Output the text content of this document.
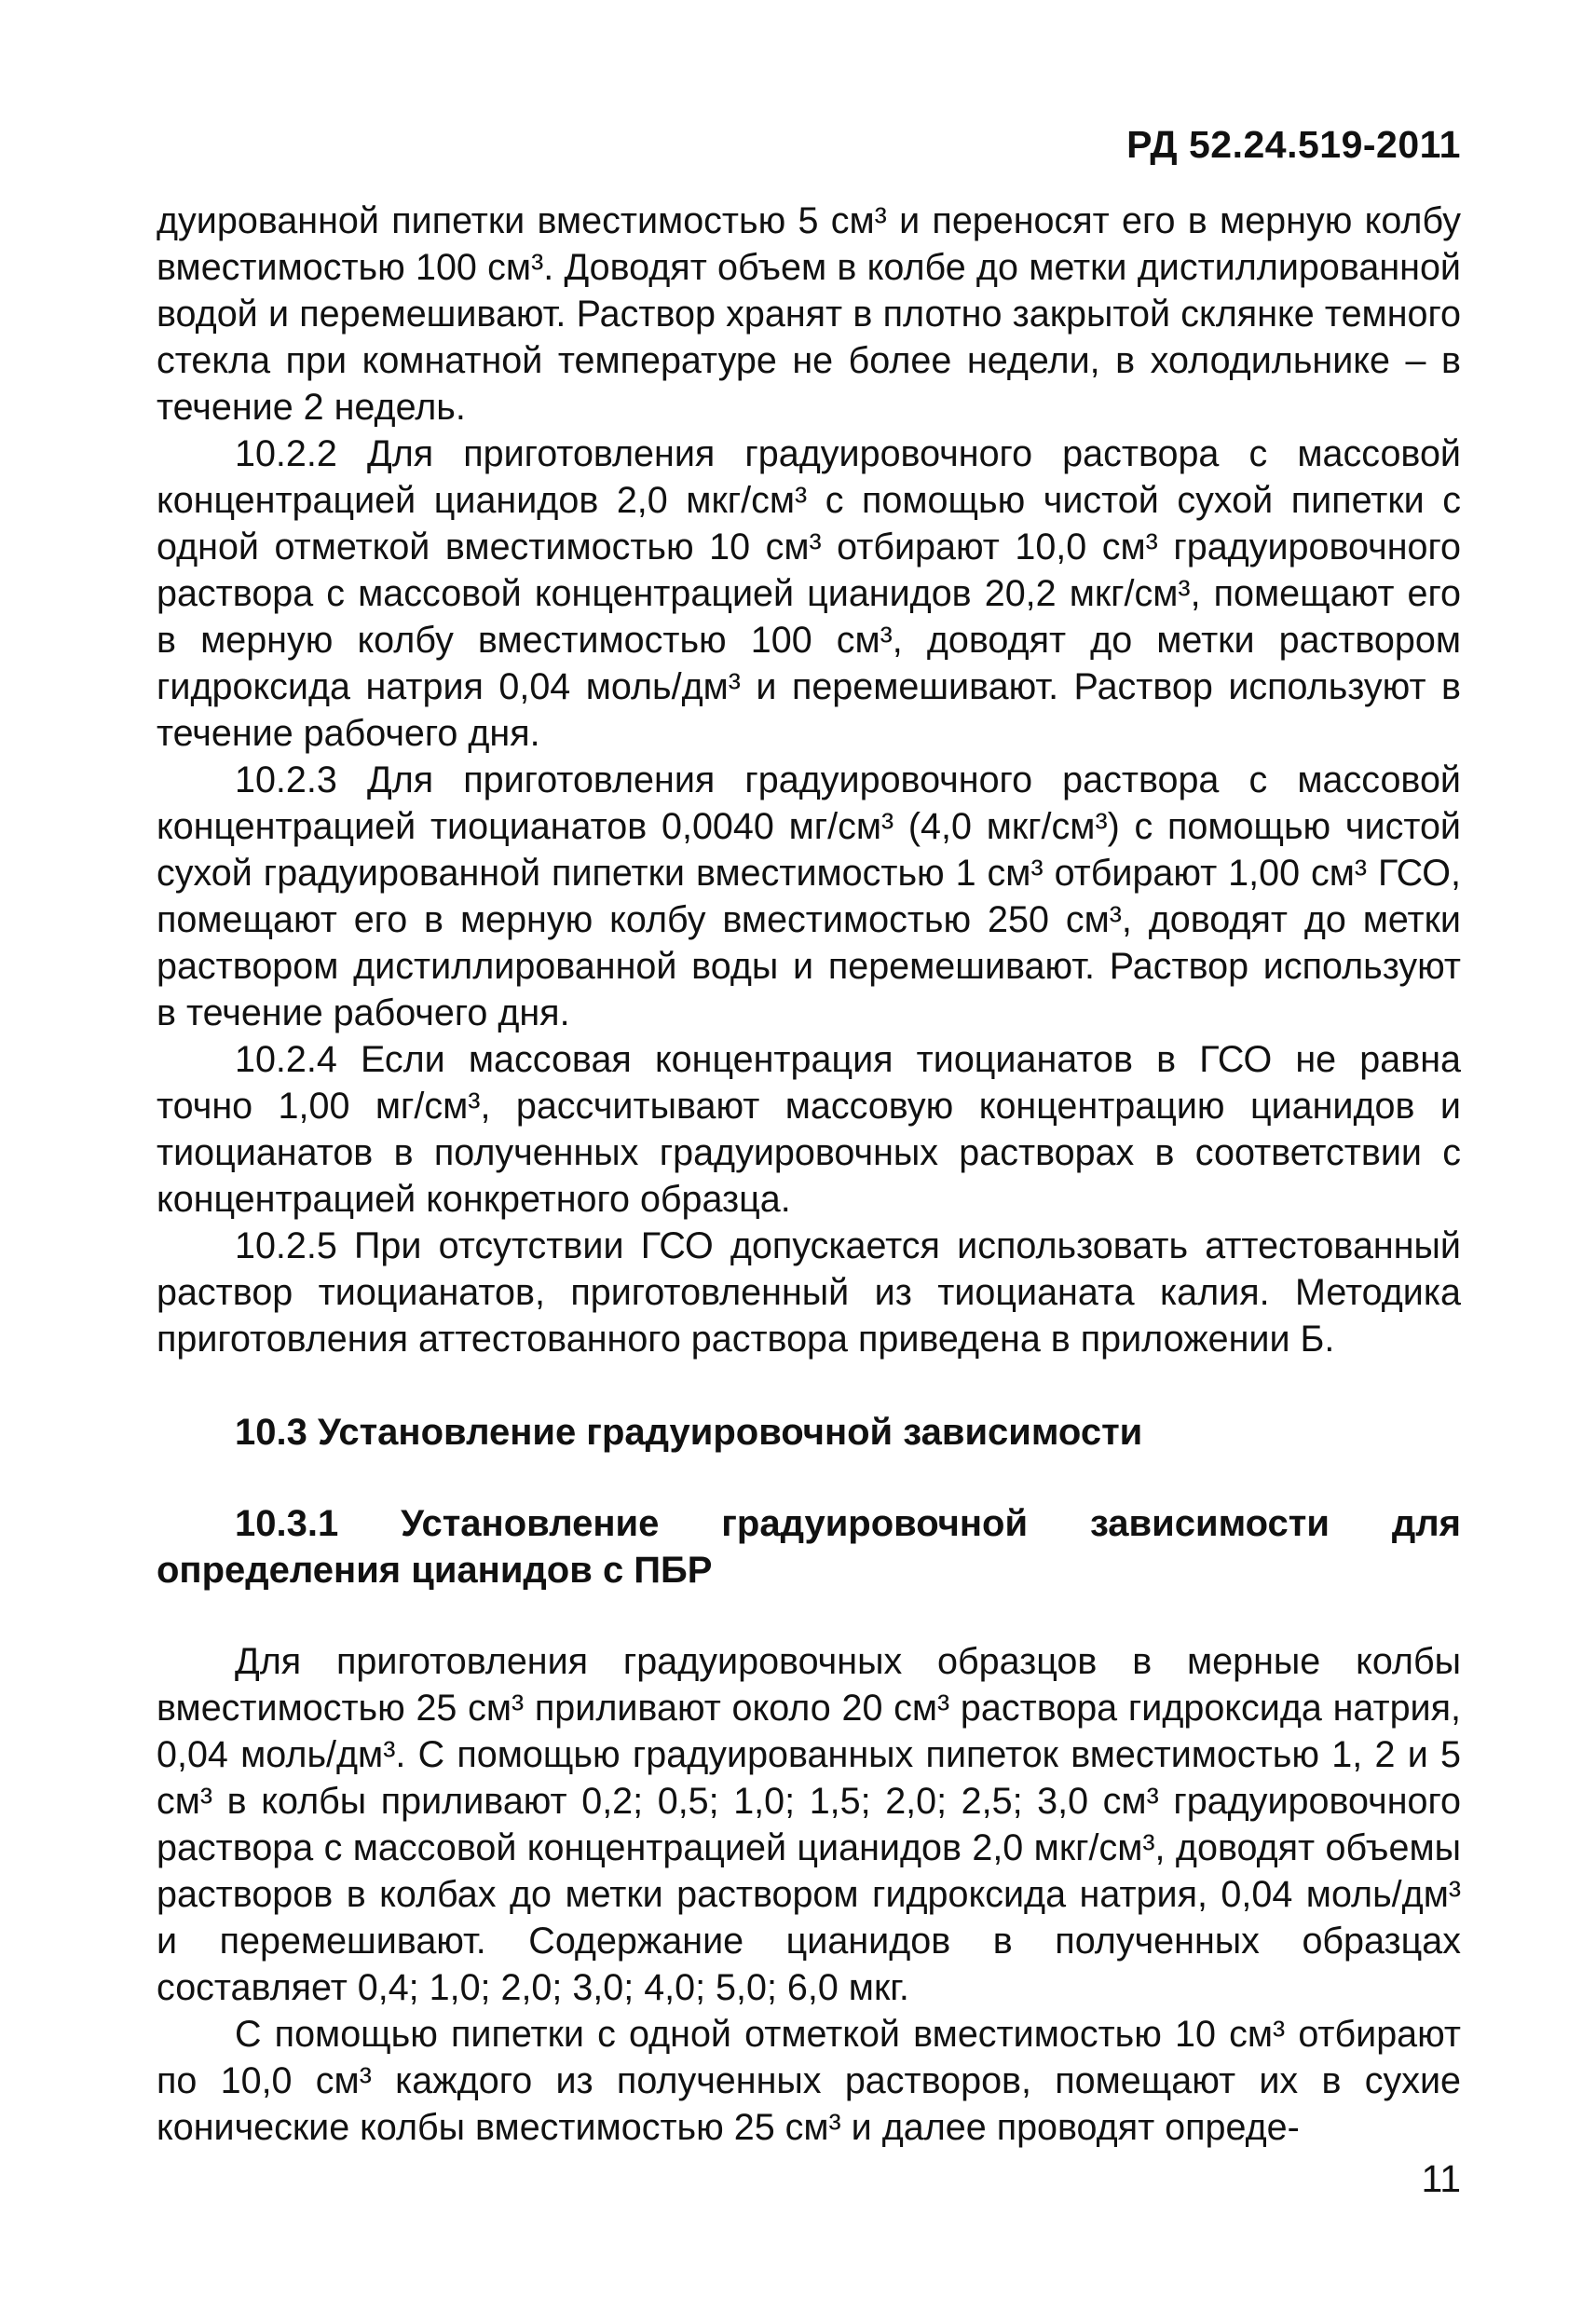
РД 52.24.519-2011

дуированной пипетки вместимостью 5 см³ и переносят его в мерную колбу вместимостью 100 см³. Доводят объем в колбе до метки дистиллированной водой и перемешивают. Раствор хранят в плотно закрытой склянке темного стекла при комнатной температуре не более недели, в холодильнике – в течение 2 недель.

10.2.2 Для приготовления градуировочного раствора с массовой концентрацией цианидов 2,0 мкг/см³ с помощью чистой сухой пипетки с одной отметкой вместимостью 10 см³ отбирают 10,0 см³ градуировочного раствора с массовой концентрацией цианидов 20,2 мкг/см³, помещают его в мерную колбу вместимостью 100 см³, доводят до метки раствором гидроксида натрия 0,04 моль/дм³ и перемешивают. Раствор используют в течение рабочего дня.

10.2.3 Для приготовления градуировочного раствора с массовой концентрацией тиоцианатов 0,0040 мг/см³ (4,0 мкг/см³) с помощью чистой сухой градуированной пипетки вместимостью 1 см³ отбирают 1,00 см³ ГСО, помещают его в мерную колбу вместимостью 250 см³, доводят до метки раствором дистиллированной воды и перемешивают. Раствор используют в течение рабочего дня.

10.2.4 Если массовая концентрация тиоцианатов в ГСО не равна точно 1,00 мг/см³, рассчитывают массовую концентрацию цианидов и тиоцианатов в полученных градуировочных растворах в соответствии с концентрацией конкретного образца.

10.2.5 При отсутствии ГСО допускается использовать аттестованный раствор тиоцианатов, приготовленный из тиоцианата калия. Методика приготовления аттестованного раствора приведена в приложении Б.

10.3 Установление градуировочной зависимости
10.3.1 Установление градуировочной зависимости для определения цианидов с ПБР

Для приготовления градуировочных образцов в мерные колбы вместимостью 25 см³ приливают около 20 см³ раствора гидроксида натрия, 0,04 моль/дм³. С помощью градуированных пипеток вместимостью 1, 2 и 5 см³ в колбы приливают 0,2; 0,5; 1,0; 1,5; 2,0; 2,5; 3,0 см³ градуировочного раствора с массовой концентрацией цианидов 2,0 мкг/см³, доводят объемы растворов в колбах до метки раствором гидроксида натрия, 0,04 моль/дм³ и перемешивают. Содержание цианидов в полученных образцах составляет 0,4; 1,0; 2,0; 3,0; 4,0; 5,0; 6,0 мкг.

С помощью пипетки с одной отметкой вместимостью 10 см³ отбирают по 10,0 см³ каждого из полученных растворов, помещают их в сухие конические колбы вместимостью 25 см³ и далее проводят опреде-

11
